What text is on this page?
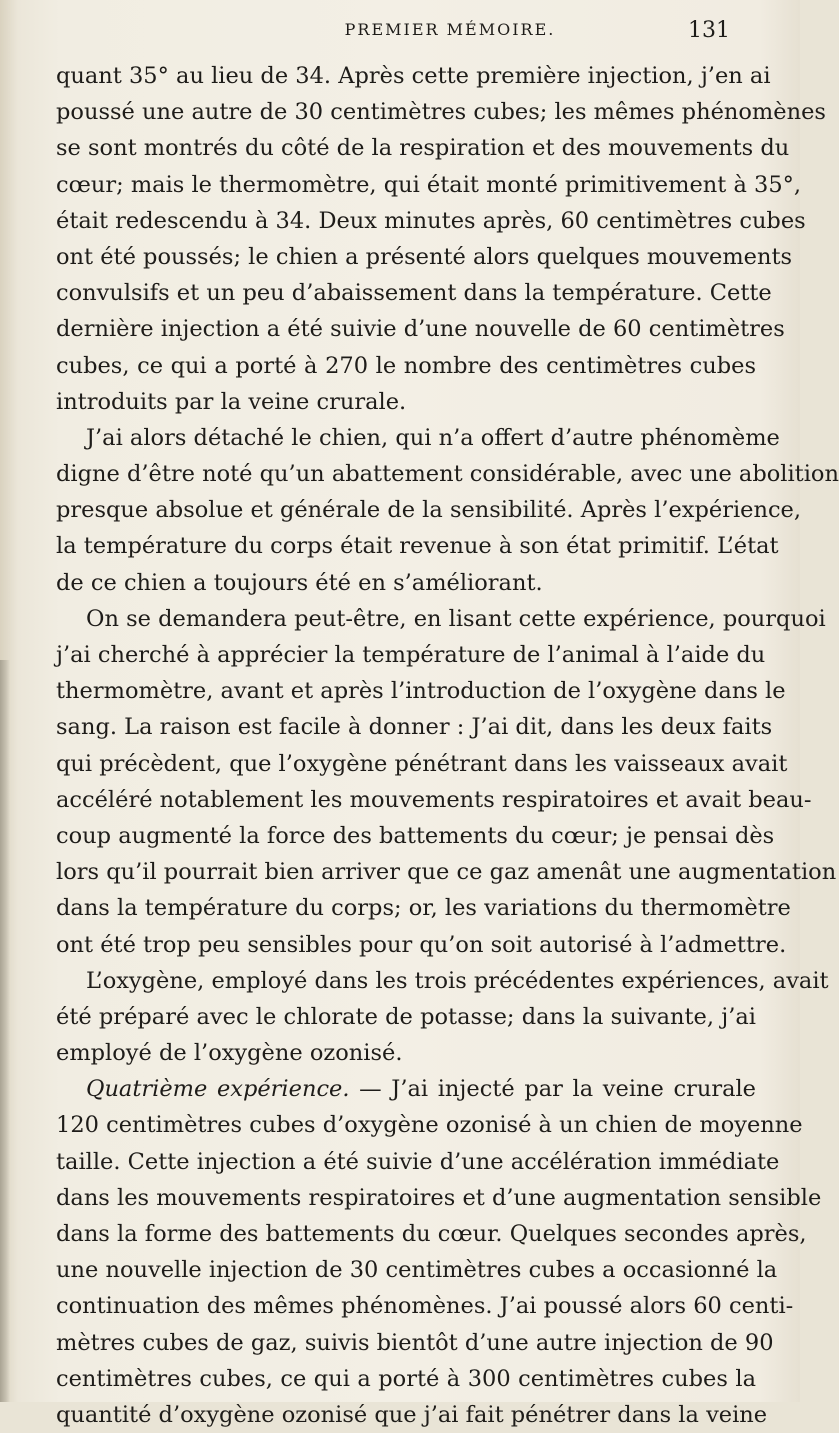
PREMIER MÉMOIRE.	131
quant 35° au lieu de 34. Après cette première injection, j’en ai
poussé une autre de 30 centimètres cubes; les mêmes phénomènes
se sont montrés du côté de la respiration et des mouvements du
cœur; mais le thermomètre, qui était monté primitivement à 35°,
était redescendu à 34. Deux minutes après, 60 centimètres cubes
ont été poussés; le chien a présenté alors quelques mouvements
convulsifs et un peu d’abaissement dans la température. Cette
dernière injection a été suivie d’une nouvelle de 60 centimètres
cubes, ce qui a porté à 270 le nombre des centimètres cubes
introduits par la veine crurale.
J’ai alors détaché le chien, qui n’a offert d’autre phénomème
digne d’être noté qu’un abattement considérable, avec une abolition
presque absolue et générale de la sensibilité. Après l’expérience,
la température du corps était revenue à son état primitif. L’état
de ce chien a toujours été en s’améliorant.
On se demandera peut-être, en lisant cette expérience, pourquoi
j’ai cherché à apprécier la température de l’animal à l’aide du
thermomètre, avant et après l’introduction de l’oxygène dans le
sang. La raison est facile à donner : J’ai dit, dans les deux faits
qui précèdent, que l’oxygène pénétrant dans les vaisseaux avait
accéléré notablement les mouvements respiratoires et avait beau-
coup augmenté la force des battements du cœur; je pensai dès
lors qu’il pourrait bien arriver que ce gaz amenât une augmentation
dans la température du corps; or, les variations du thermomètre
ont été trop peu sensibles pour qu’on soit autorisé à l’admettre.
L’oxygène, employé dans les trois précédentes expériences, avait
été préparé avec le chlorate de potasse; dans la suivante, j’ai
employé de l’oxygène ozonisé.
Quatrième expérience. — J’ai injecté par la veine crurale
120 centimètres cubes d’oxygène ozonisé à un chien de moyenne
taille. Cette injection a été suivie d’une accélération immédiate
dans les mouvements respiratoires et d’une augmentation sensible
dans la forme des battements du cœur. Quelques secondes après,
une nouvelle injection de 30 centimètres cubes a occasionné la
continuation des mêmes phénomènes. J’ai poussé alors 60 centi-
mètres cubes de gaz, suivis bientôt d’une autre injection de 90
centimètres cubes, ce qui a porté à 300 centimètres cubes la
quantité d’oxygène ozonisé que j’ai fait pénétrer dans la veine
